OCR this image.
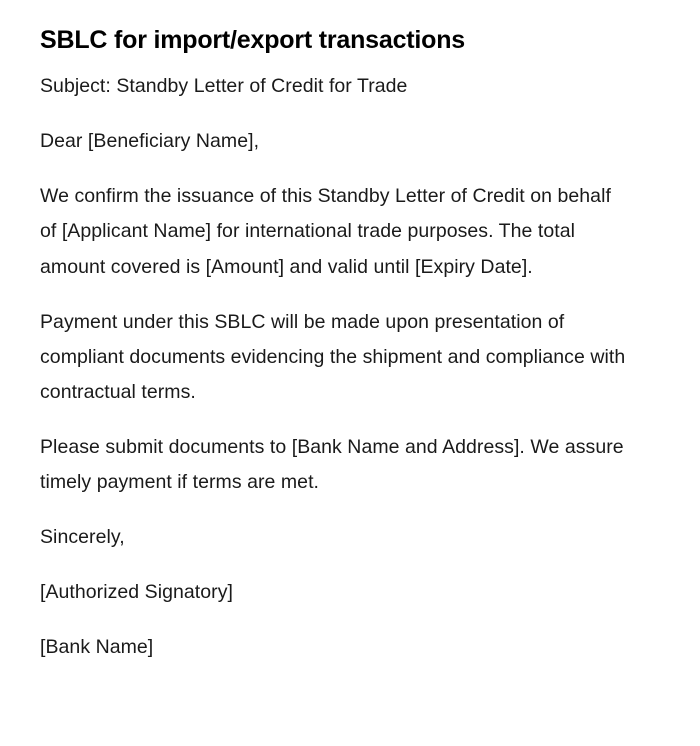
SBLC for import/export transactions

Subject: Standby Letter of Credit for Trade

Dear [Beneficiary Name],

We confirm the issuance of this Standby Letter of Credit on behalf of [Applicant Name] for international trade purposes. The total amount covered is [Amount] and valid until [Expiry Date].

Payment under this SBLC will be made upon presentation of compliant documents evidencing the shipment and compliance with contractual terms.

Please submit documents to [Bank Name and Address]. We assure timely payment if terms are met.

Sincerely,

[Authorized Signatory]

[Bank Name]
